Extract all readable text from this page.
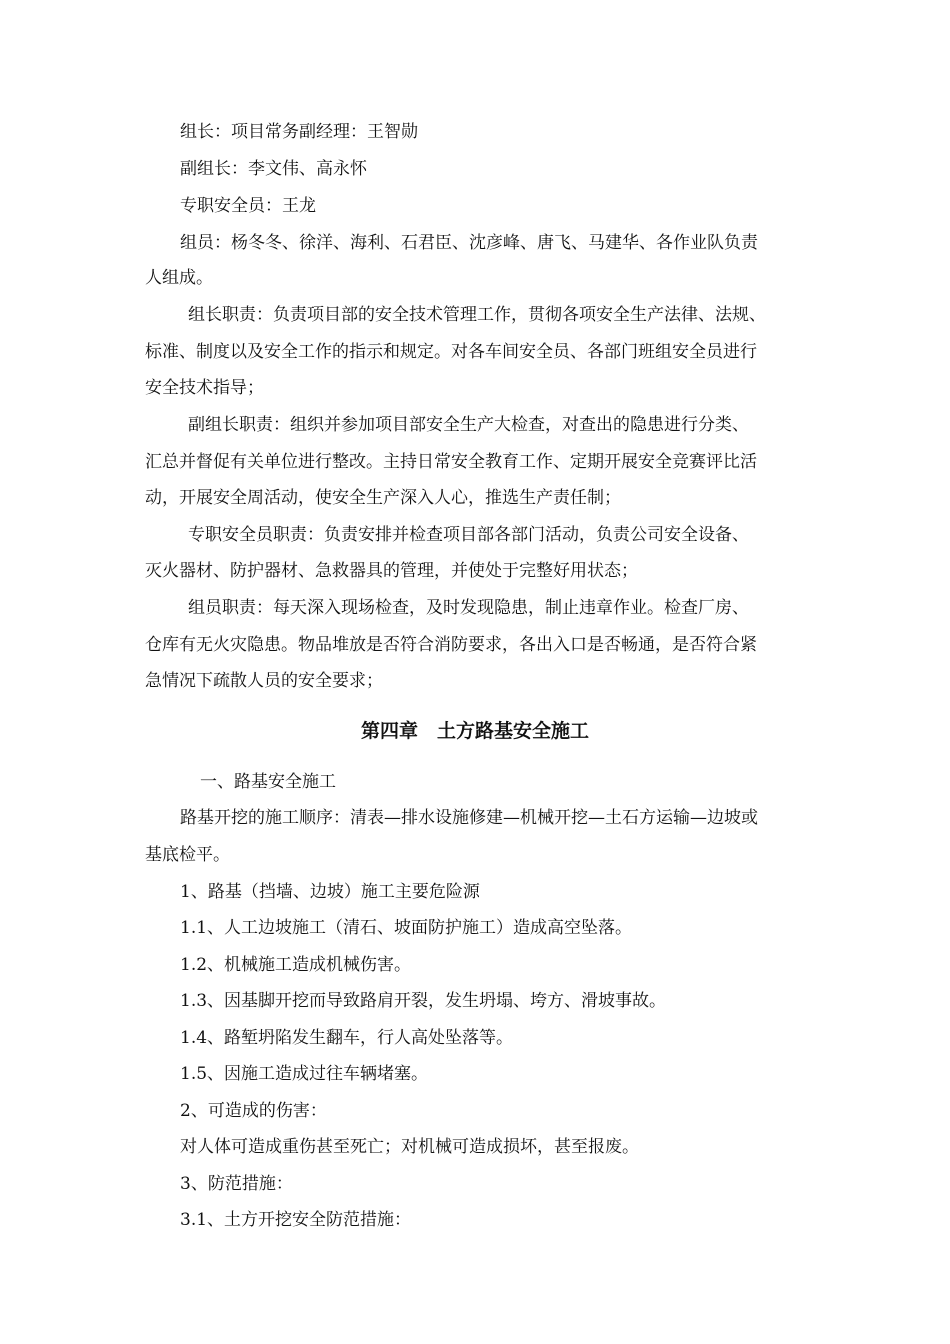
组长：项目常务副经理：王智勋
副组长：李文伟、高永怀
专职安全员：王龙
组员：杨冬冬、徐洋、海利、石君臣、沈彦峰、唐飞、马建华、各作业队负责
人组成。
组长职责：负责项目部的安全技术管理工作，贯彻各项安全生产法律、法规、
标准、制度以及安全工作的指示和规定。对各车间安全员、各部门班组安全员进行
安全技术指导；
副组长职责：组织并参加项目部安全生产大检查，对查出的隐患进行分类、
汇总并督促有关单位进行整改。主持日常安全教育工作、定期开展安全竞赛评比活
动，开展安全周活动，使安全生产深入人心，推选生产责任制；
专职安全员职责：负责安排并检查项目部各部门活动，负责公司安全设备、
灭火器材、防护器材、急救器具的管理，并使处于完整好用状态；
组员职责：每天深入现场检查，及时发现隐患，制止违章作业。检查厂房、
仓库有无火灾隐患。物品堆放是否符合消防要求，各出入口是否畅通，是否符合紧
急情况下疏散人员的安全要求；
第四章　土方路基安全施工
一、路基安全施工
路基开挖的施工顺序：清表—排水设施修建—机械开挖—土石方运输—边坡或
基底检平。
1、路基（挡墙、边坡）施工主要危险源
1.1、人工边坡施工（清石、坡面防护施工）造成高空坠落。
1.2、机械施工造成机械伤害。
1.3、因基脚开挖而导致路肩开裂，发生坍塌、垮方、滑坡事故。
1.4、路堑坍陷发生翻车，行人高处坠落等。
1.5、因施工造成过往车辆堵塞。
2、可造成的伤害：
对人体可造成重伤甚至死亡；对机械可造成损坏，甚至报废。
3、防范措施：
3.1、土方开挖安全防范措施：
